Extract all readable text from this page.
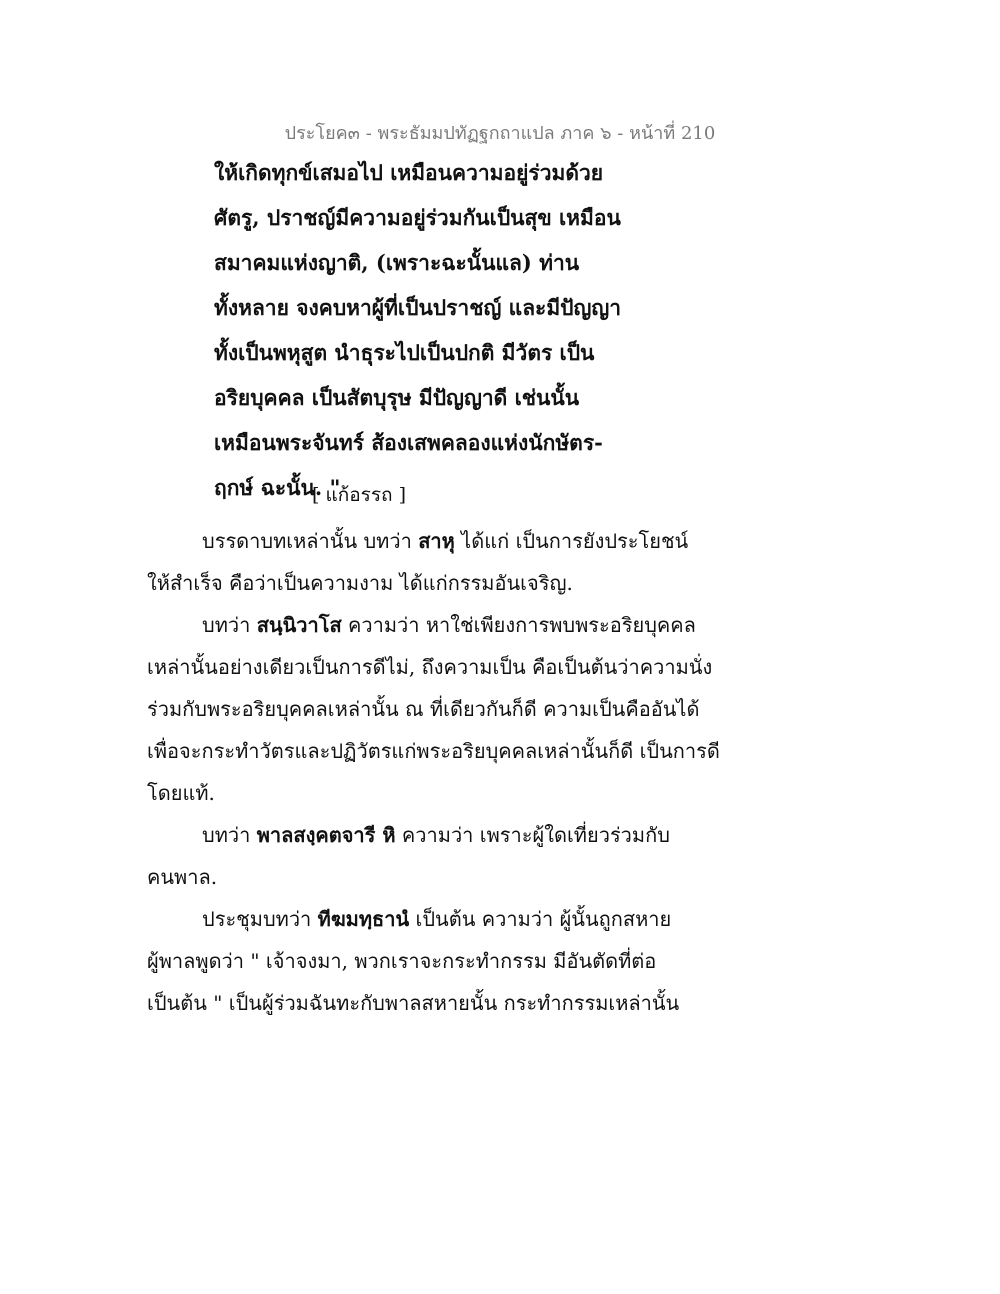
ประโยค๓ - พระธัมมปทัฏฐกถาแปล ภาค ๖ - หน้าที่ 210
ให้เกิดทุกข์เสมอไป เหมือนความอยู่ร่วมด้วย
ศัตรู, ปราชญ์มีความอยู่ร่วมกันเป็นสุข เหมือน
สมาคมแห่งญาติ, (เพราะฉะนั้นแล) ท่าน
ทั้งหลาย จงคบหาผู้ที่เป็นปราชญ์ และมีปัญญา
ทั้งเป็นพหุสูต นำธุระไปเป็นปกติ มีวัตร เป็น
อริยบุคคล เป็นสัตบุรุษ มีปัญญาดี เช่นนั้น
เหมือนพระจันทร์ ส้องเสพคลองแห่งนักษัตร-
ฤกษ์ ฉะนั้น. "
[ แก้อรรถ ]
บรรดาบทเหล่านั้น บทว่า สาหุ ได้แก่ เป็นการยังประโยชน์
ให้สำเร็จ คือว่าเป็นความงาม ได้แก่กรรมอันเจริญ.
บทว่า สนฺนิวาโส ความว่า หาใช่เพียงการพบพระอริยบุคคล
เหล่านั้นอย่างเดียวเป็นการดีไม่, ถึงความเป็น คือเป็นต้นว่าความนั่ง
ร่วมกับพระอริยบุคคลเหล่านั้น ณ ที่เดียวกันก็ดี ความเป็นคืออันได้
เพื่อจะกระทำวัตรและปฏิวัตรแก่พระอริยบุคคลเหล่านั้นก็ดี เป็นการดี
โดยแท้.
บทว่า พาลสงฺคตจารี หิ ความว่า เพราะผู้ใดเที่ยวร่วมกับ
คนพาล.
ประชุมบทว่า ทีฆมทฺธานํ เป็นต้น ความว่า ผู้นั้นถูกสหาย
ผู้พาลพูดว่า " เจ้าจงมา, พวกเราจะกระทำกรรม มีอันตัดที่ต่อ
เป็นต้น " เป็นผู้ร่วมฉันทะกับพาลสหายนั้น กระทำกรรมเหล่านั้น
